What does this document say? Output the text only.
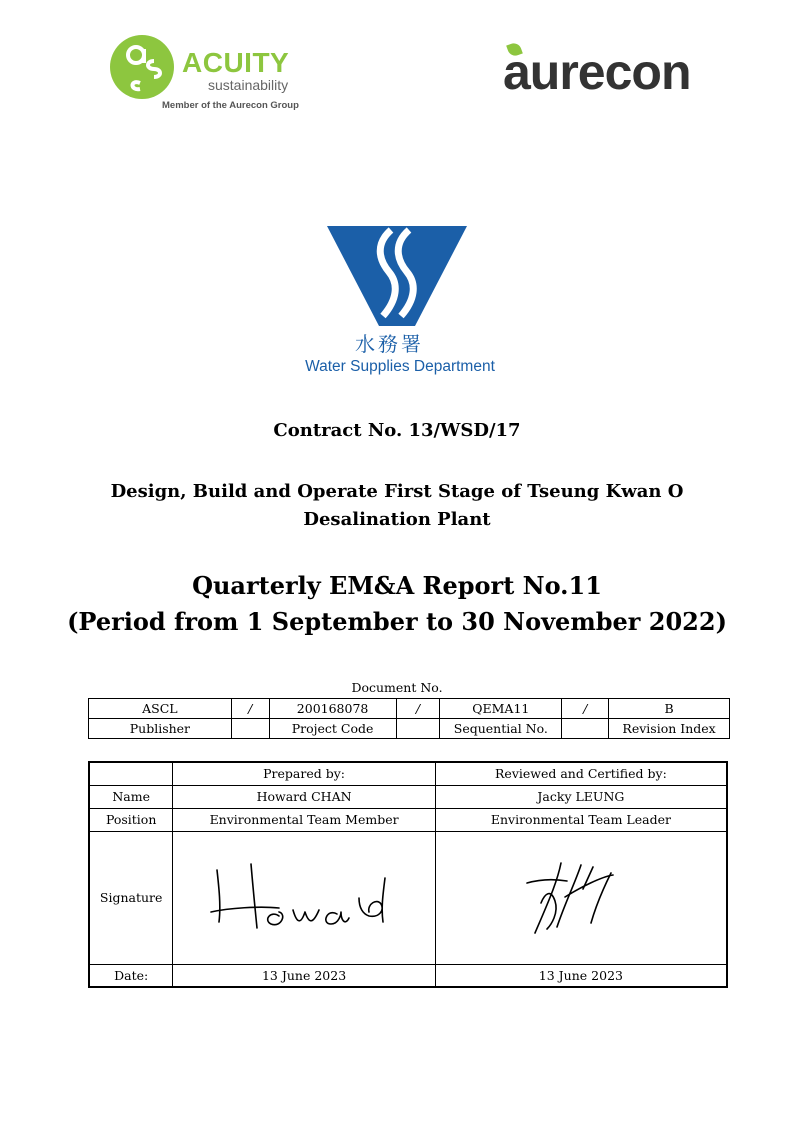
ACUITY
sustainability
Member of the Aurecon Group
aurecon
水務署
Water Supplies Department
Contract No. 13/WSD/17
Design, Build and Operate First Stage of Tseung Kwan O
Desalination Plant
Quarterly EM&A Report No.11
(Period from 1 September to 30 November 2022)
Document No.
ASCL	/	200168078	/	QEMA11	/	B
Publisher		Project Code		Sequential No.		Revision Index
	Prepared by:	Reviewed and Certified by:
Name	Howard CHAN	Jacky LEUNG
Position	Environmental Team Member	Environmental Team Leader
Signature	

Date:	13 June 2023	13 June 2023
